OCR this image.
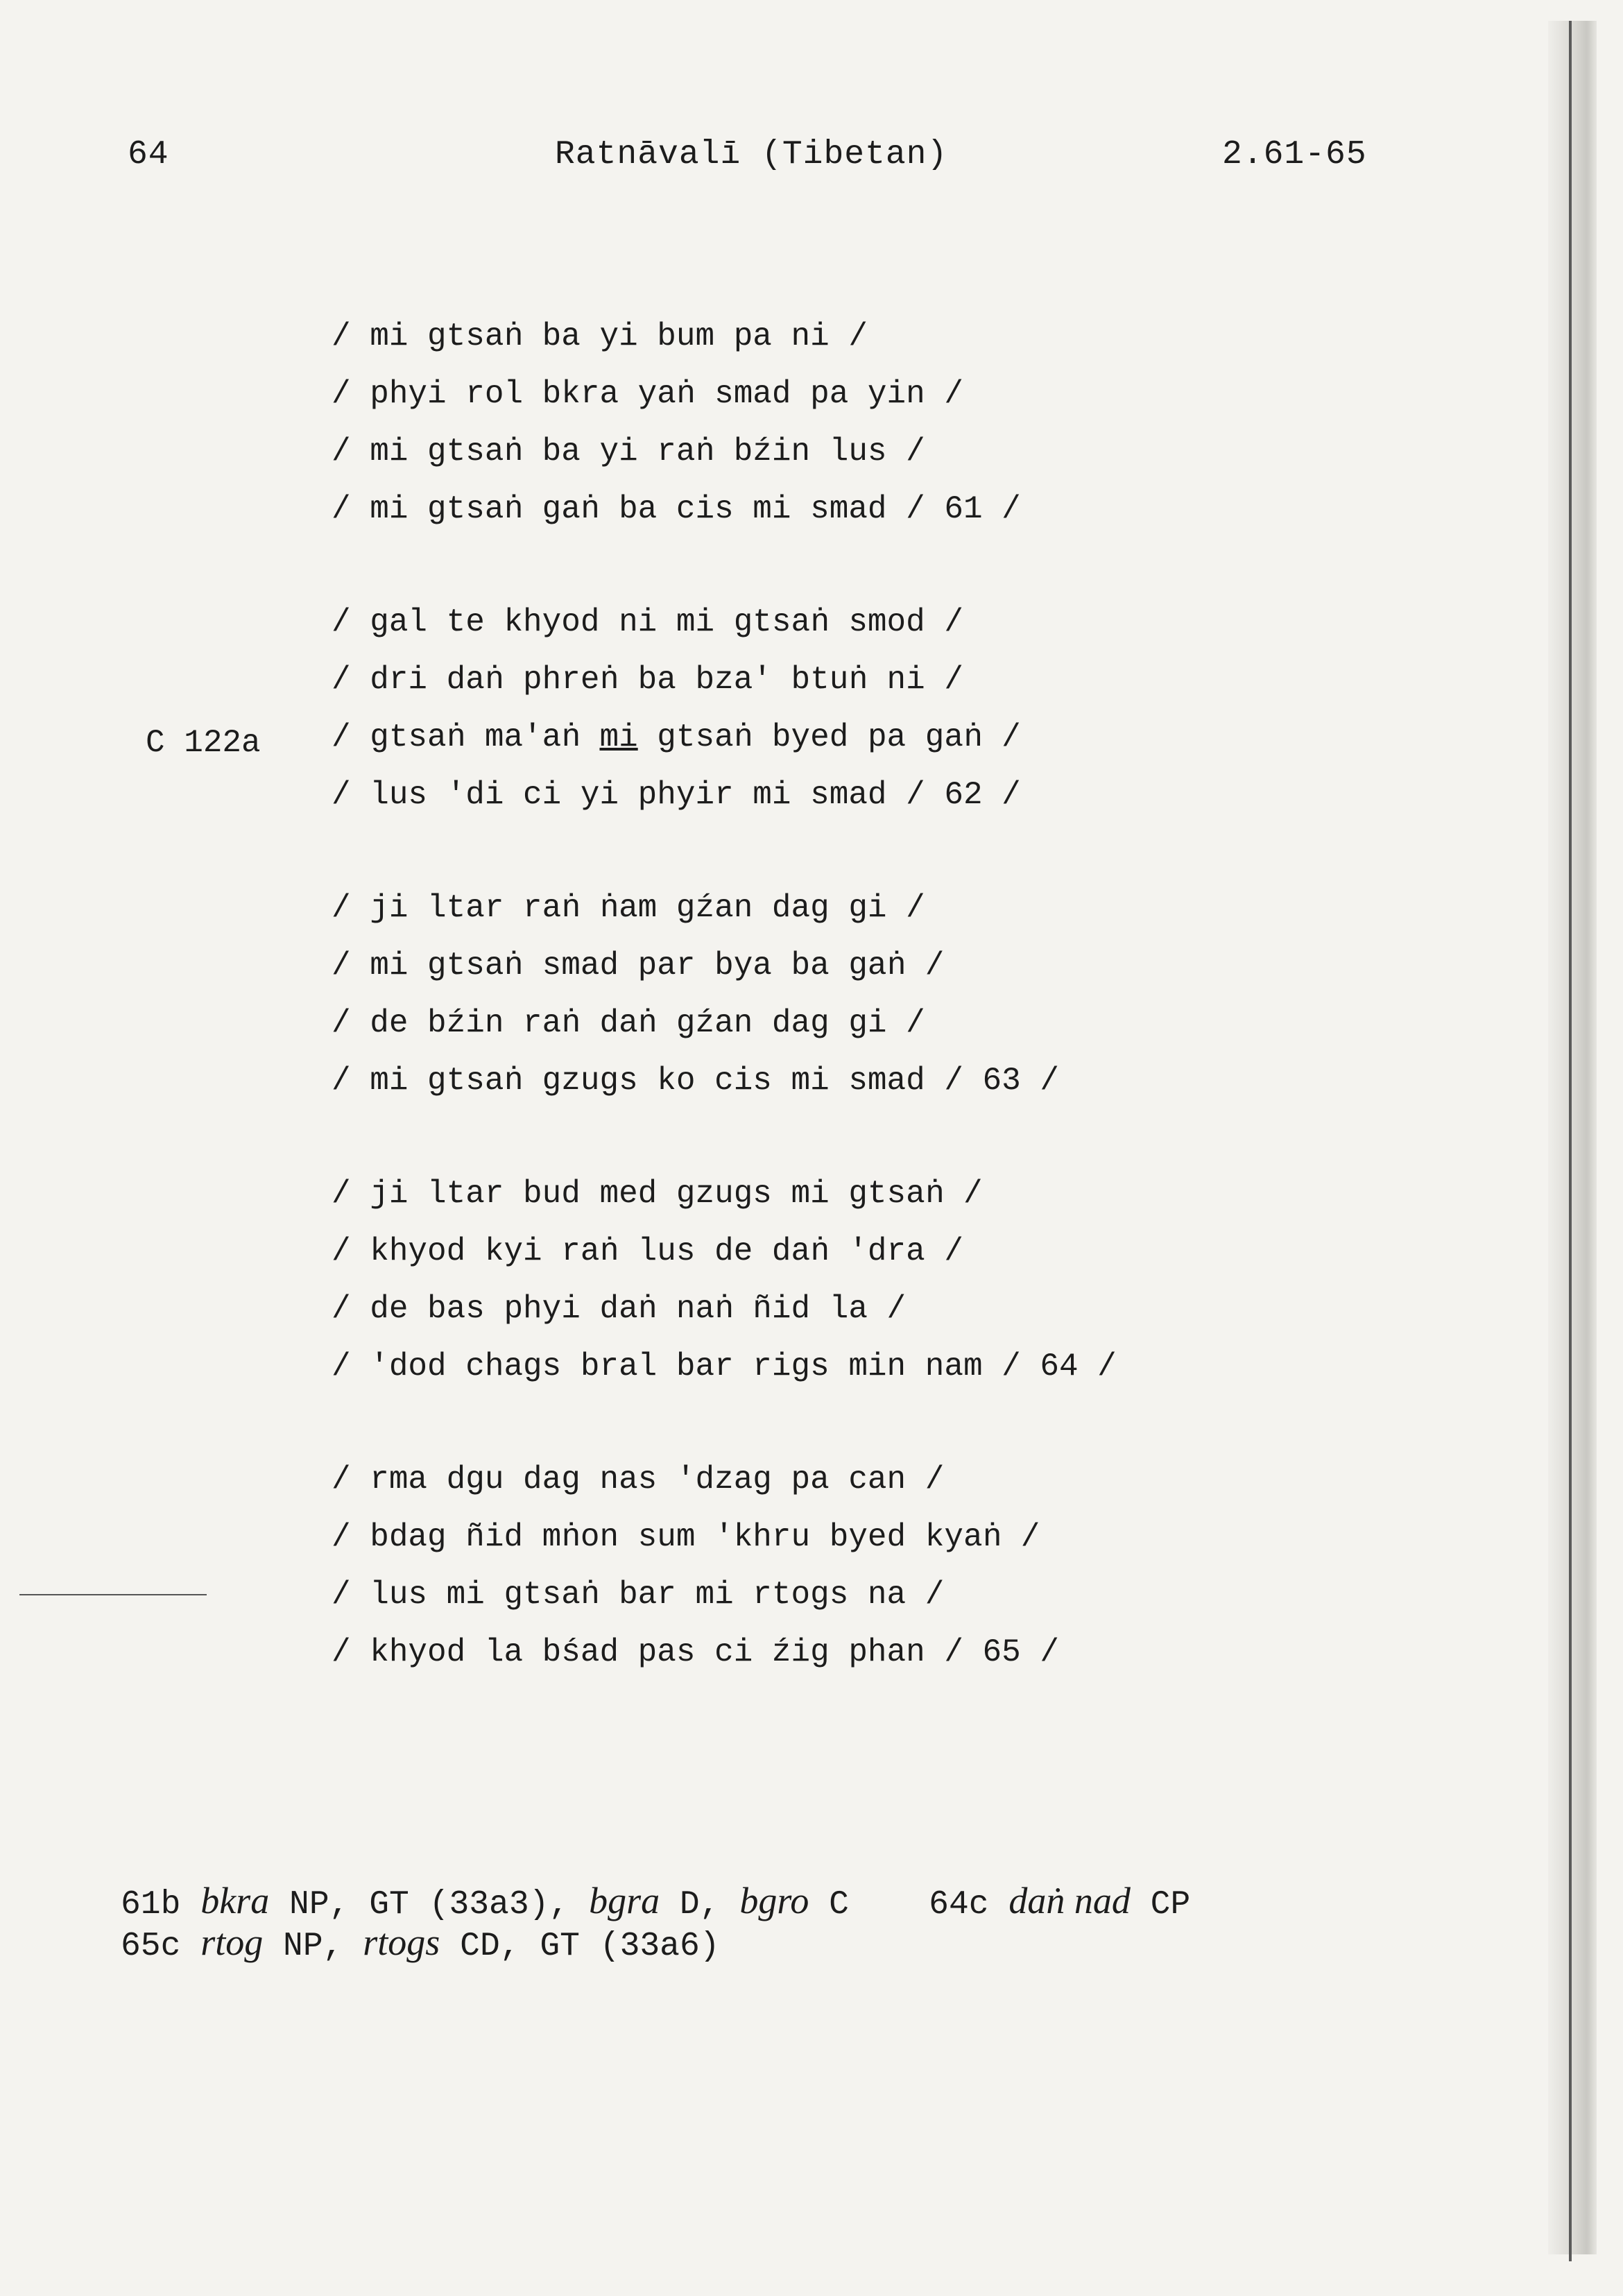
64	Ratnāvalī (Tibetan)	2.61-65
C 122a
/ mi gtsaṅ ba yi bum pa ni /
/ phyi rol bkra yaṅ smad pa yin /
/ mi gtsaṅ ba yi raṅ bźin lus /
/ mi gtsaṅ gaṅ ba cis mi smad / 61 /
/ gal te khyod ni mi gtsaṅ smod /
/ dri daṅ phreṅ ba bza' btuṅ ni /
/ gtsaṅ ma'aṅ mi gtsaṅ byed pa gaṅ /
/ lus 'di ci yi phyir mi smad / 62 /
/ ji ltar raṅ ṅam gźan dag gi /
/ mi gtsaṅ smad par bya ba gaṅ /
/ de bźin raṅ daṅ gźan dag gi /
/ mi gtsaṅ gzugs ko cis mi smad / 63 /
/ ji ltar bud med gzugs mi gtsaṅ /
/ khyod kyi raṅ lus de daṅ 'dra /
/ de bas phyi daṅ naṅ ñid la /
/ 'dod chags bral bar rigs min nam / 64 /
/ rma dgu dag nas 'dzag pa can /
/ bdag ñid mṅon sum 'khru byed kyaṅ /
/ lus mi gtsaṅ bar mi rtogs na /
/ khyod la bśad pas ci źig phan / 65 /
61b bkra NP, GT (33a3), bgra D, bgro C    64c daṅ nad CP
65c rtog NP, rtogs CD, GT (33a6)
